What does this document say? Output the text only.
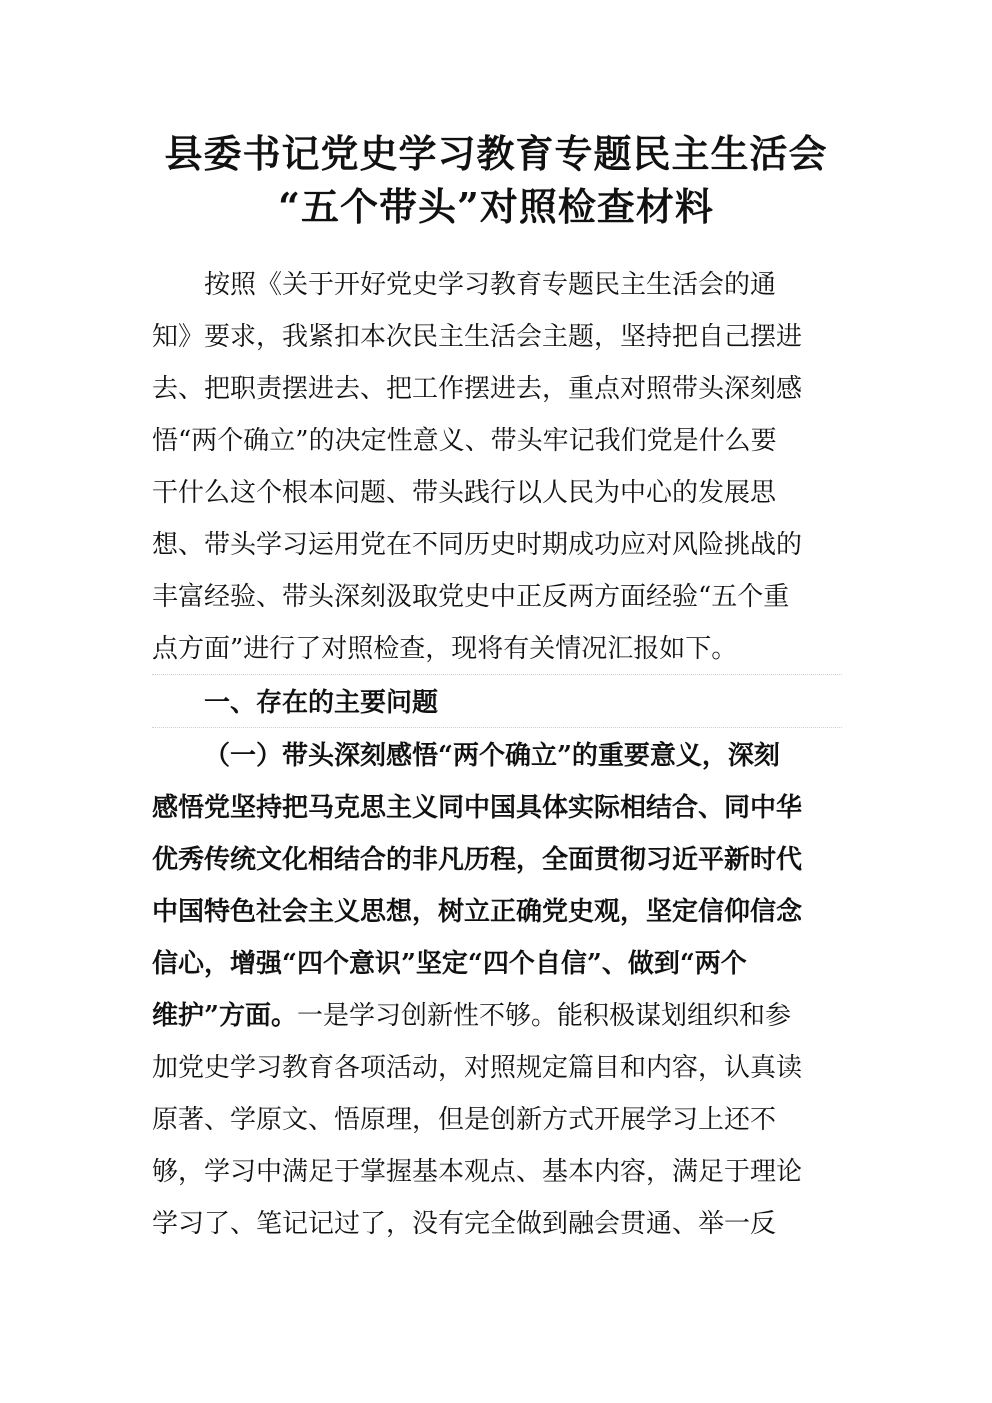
县委书记党史学习教育专题民主生活会
“五个带头”对照检查材料
按照《关于开好党史学习教育专题民主生活会的通
知》要求，我紧扣本次民主生活会主题，坚持把自己摆进
去、把职责摆进去、把工作摆进去，重点对照带头深刻感
悟“两个确立”的决定性意义、带头牢记我们党是什么要
干什么这个根本问题、带头践行以人民为中心的发展思
想、带头学习运用党在不同历史时期成功应对风险挑战的
丰富经验、带头深刻汲取党史中正反两方面经验“五个重
点方面”进行了对照检查，现将有关情况汇报如下。
一、存在的主要问题
（一）带头深刻感悟“两个确立”的重要意义，深刻
感悟党坚持把马克思主义同中国具体实际相结合、同中华
优秀传统文化相结合的非凡历程，全面贯彻习近平新时代
中国特色社会主义思想，树立正确党史观，坚定信仰信念
信心，增强“四个意识”坚定“四个自信”、做到“两个
维护”方面。一是学习创新性不够。能积极谋划组织和参
加党史学习教育各项活动，对照规定篇目和内容，认真读
原著、学原文、悟原理，但是创新方式开展学习上还不
够，学习中满足于掌握基本观点、基本内容，满足于理论
学习了、笔记记过了，没有完全做到融会贯通、举一反
